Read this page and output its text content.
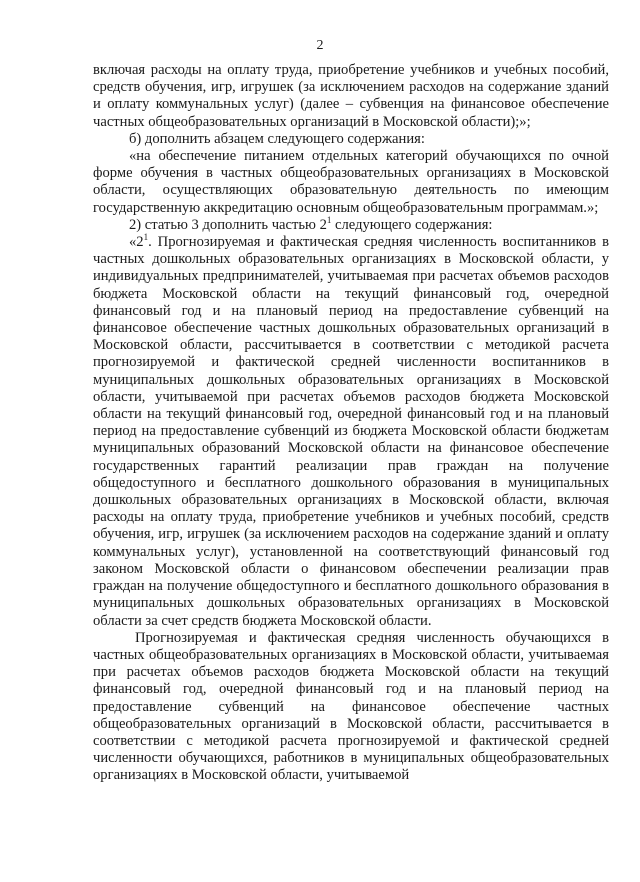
2

включая расходы на оплату труда, приобретение учебников и учебных пособий, средств обучения, игр, игрушек (за исключением расходов на содержание зданий и оплату коммунальных услуг) (далее – субвенция на финансовое обеспечение частных общеобразовательных организаций в Московской области);»;

б) дополнить абзацем следующего содержания:

«на обеспечение питанием отдельных категорий обучающихся по очной форме обучения в частных общеобразовательных организациях в Московской области, осуществляющих образовательную деятельность по имеющим государственную аккредитацию основным общеобразовательным программам.»;

2) статью 3 дополнить частью $2^1$ следующего содержания:

«$2^1$. Прогнозируемая и фактическая средняя численность воспитанников в частных дошкольных образовательных организациях в Московской области, у индивидуальных предпринимателей, учитываемая при расчетах объемов расходов бюджета Московской области на текущий финансовый год, очередной финансовый год и на плановый период на предоставление субвенций на финансовое обеспечение частных дошкольных образовательных организаций в Московской области, рассчитывается в соответствии с методикой расчета прогнозируемой и фактической средней численности воспитанников в муниципальных дошкольных образовательных организациях в Московской области, учитываемой при расчетах объемов расходов бюджета Московской области на текущий финансовый год, очередной финансовый год и на плановый период на предоставление субвенций из бюджета Московской области бюджетам муниципальных образований Московской области на финансовое обеспечение государственных гарантий реализации прав граждан на получение общедоступного и бесплатного дошкольного образования в муниципальных дошкольных образовательных организациях в Московской области, включая расходы на оплату труда, приобретение учебников и учебных пособий, средств обучения, игр, игрушек (за исключением расходов на содержание зданий и оплату коммунальных услуг), установленной на соответствующий финансовый год законом Московской области о финансовом обеспечении реализации прав граждан на получение общедоступного и бесплатного дошкольного образования в муниципальных дошкольных образовательных организациях в Московской области за счет средств бюджета Московской области.

Прогнозируемая и фактическая средняя численность обучающихся в частных общеобразовательных организациях в Московской области, учитываемая при расчетах объемов расходов бюджета Московской области на текущий финансовый год, очередной финансовый год и на плановый период на предоставление субвенций на финансовое обеспечение частных общеобразовательных организаций в Московской области, рассчитывается в соответствии с методикой расчета прогнозируемой и фактической средней численности обучающихся, работников в муниципальных общеобразовательных организациях в Московской области, учитываемой
